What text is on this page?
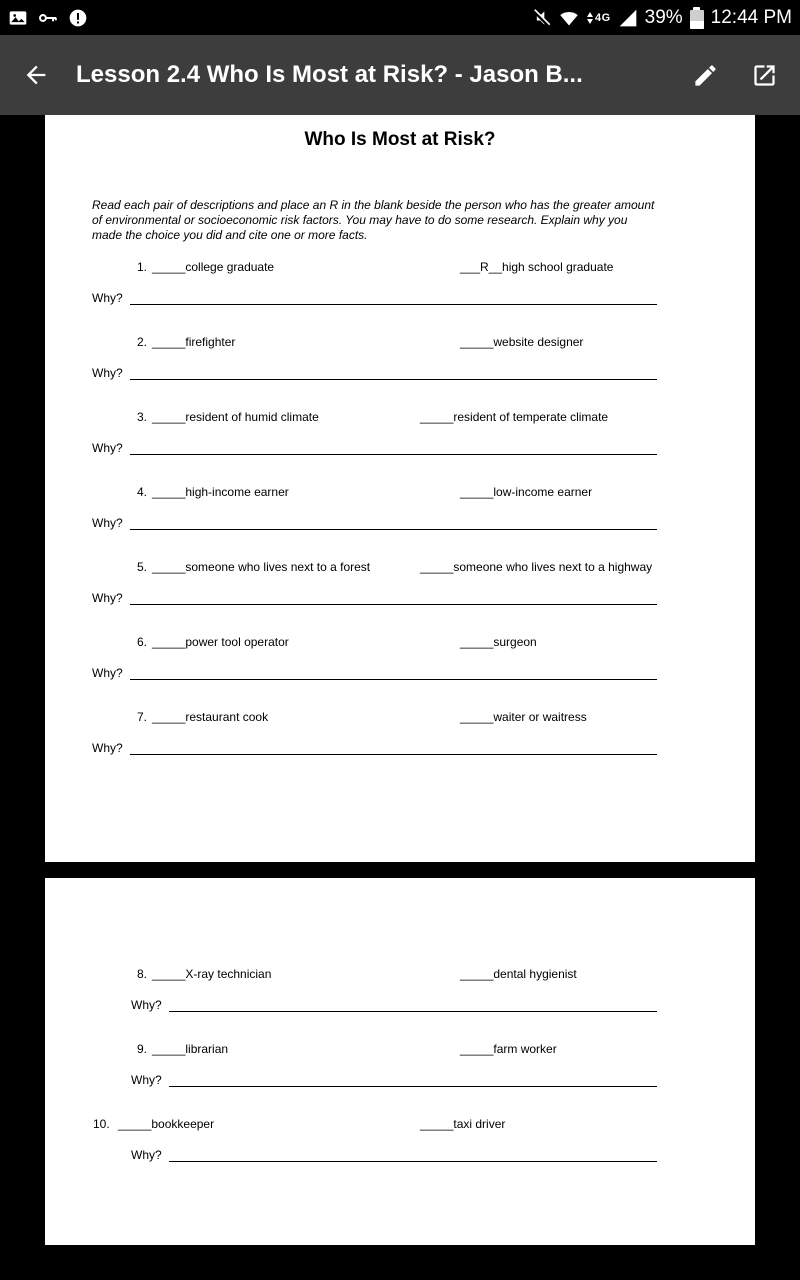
4G 39% 12:44 PM
Lesson 2.4 Who Is Most at Risk? - Jason B...
Who Is Most at Risk?

Read each pair of descriptions and place an R in the blank beside the person who has the greater amount of environmental or socioeconomic risk factors. You may have to do some research. Explain why you made the choice you did and cite one or more facts.

1. _____college graduate	___R__high school graduate
Why?
2. _____firefighter	_____website designer
Why?
3. _____resident of humid climate	_____resident of temperate climate
Why?
4. _____high-income earner	_____low-income earner
Why?
5. _____someone who lives next to a forest	_____someone who lives next to a highway
Why?
6. _____power tool operator	_____surgeon
Why?
7. _____restaurant cook	_____waiter or waitress
Why?
8. _____X-ray technician	_____dental hygienist
Why?
9. _____librarian	_____farm worker
Why?
10. _____bookkeeper	_____taxi driver
Why?
